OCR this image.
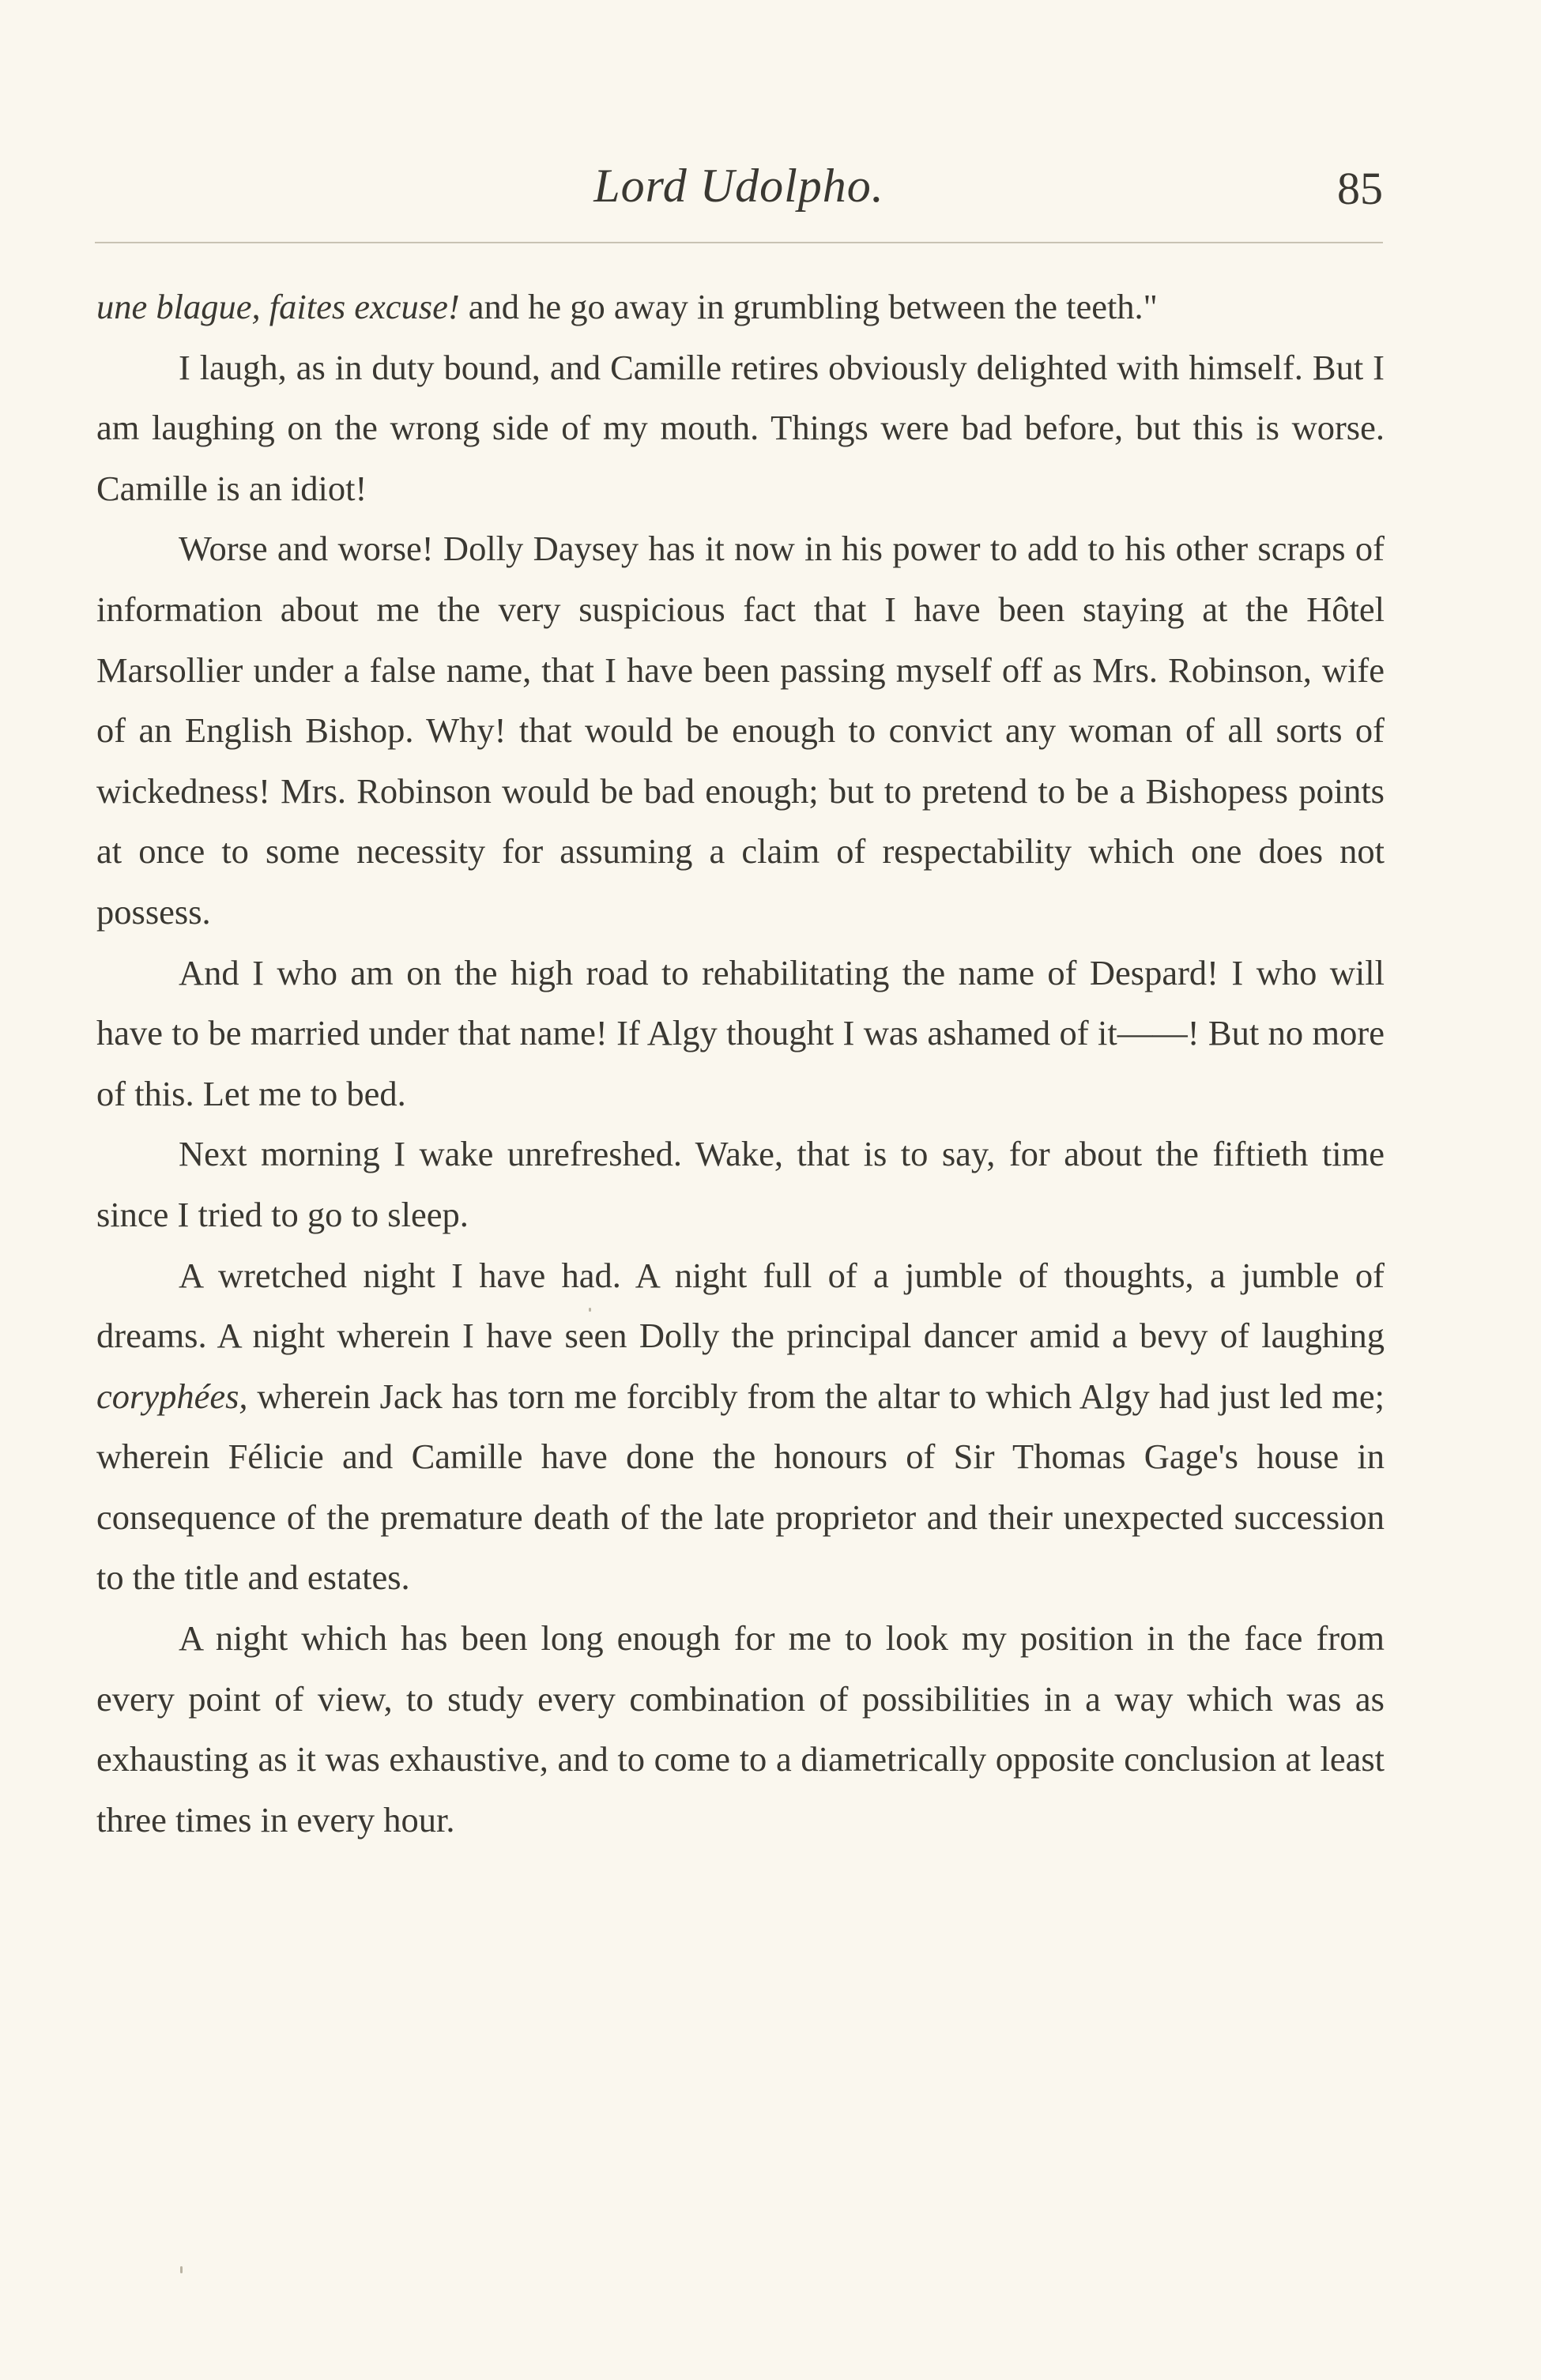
Lord Udolpho.	85

une blague, faites excuse! and he go away in grumbling between the teeth."

I laugh, as in duty bound, and Camille retires obviously delighted with himself. But I am laughing on the wrong side of my mouth. Things were bad before, but this is worse. Camille is an idiot!

Worse and worse! Dolly Daysey has it now in his power to add to his other scraps of information about me the very suspicious fact that I have been staying at the Hôtel Marsollier under a false name, that I have been passing myself off as Mrs. Robinson, wife of an English Bishop. Why! that would be enough to convict any woman of all sorts of wickedness! Mrs. Robinson would be bad enough; but to pretend to be a Bishopess points at once to some necessity for assuming a claim of respectability which one does not possess.

And I who am on the high road to rehabilitating the name of Despard! I who will have to be married under that name! If Algy thought I was ashamed of it——! But no more of this. Let me to bed.

Next morning I wake unrefreshed. Wake, that is to say, for about the fiftieth time since I tried to go to sleep.

A wretched night I have had. A night full of a jumble of thoughts, a jumble of dreams. A night wherein I have seen Dolly the principal dancer amid a bevy of laughing coryphées, wherein Jack has torn me forcibly from the altar to which Algy had just led me; wherein Félicie and Camille have done the honours of Sir Thomas Gage's house in consequence of the premature death of the late proprietor and their unexpected succession to the title and estates.

A night which has been long enough for me to look my position in the face from every point of view, to study every combination of possibilities in a way which was as exhausting as it was exhaustive, and to come to a diametrically opposite conclusion at least three times in every hour.
